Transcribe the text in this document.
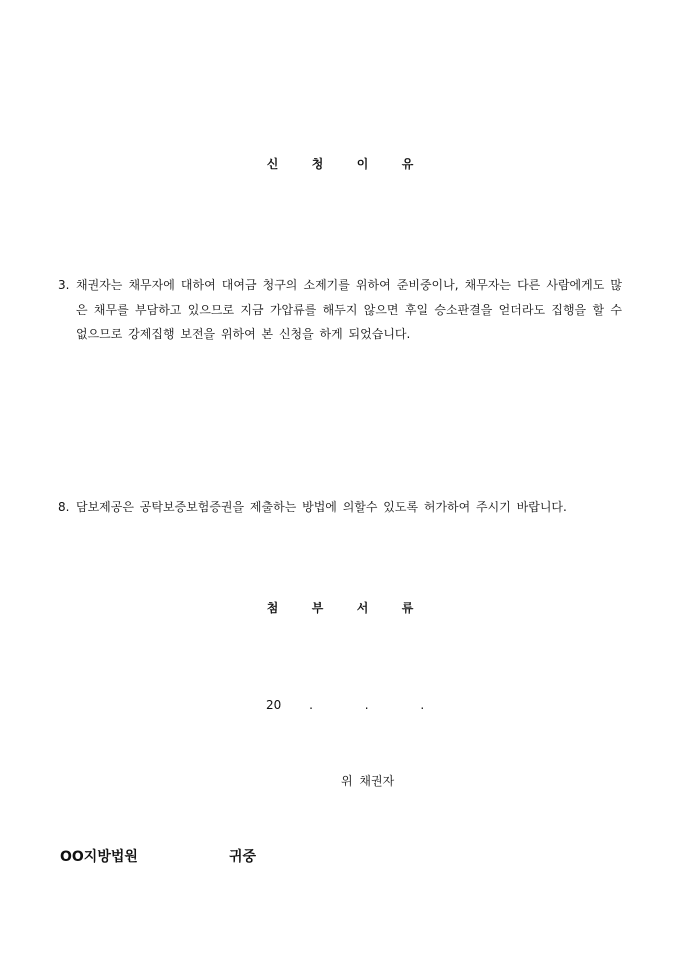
신	청	이	유
3. 채권자는 채무자에 대하여 대여금 청구의 소제기를 위하여 준비중이나, 채무자는 다른 사람에게도 많은 채무를 부담하고 있으므로 지금 가압류를 해두지 않으면 후일 승소판결을 얻더라도 집행을 할 수 없으므로 강제집행 보전을 위하여 본 신청을 하게 되었습니다.
8. 담보제공은 공탁보증보험증권을 제출하는 방법에 의할수 있도록 허가하여 주시기 바랍니다.
첨	부	서	류
20 .	.	.
위 채권자
OO지방법원	귀중
